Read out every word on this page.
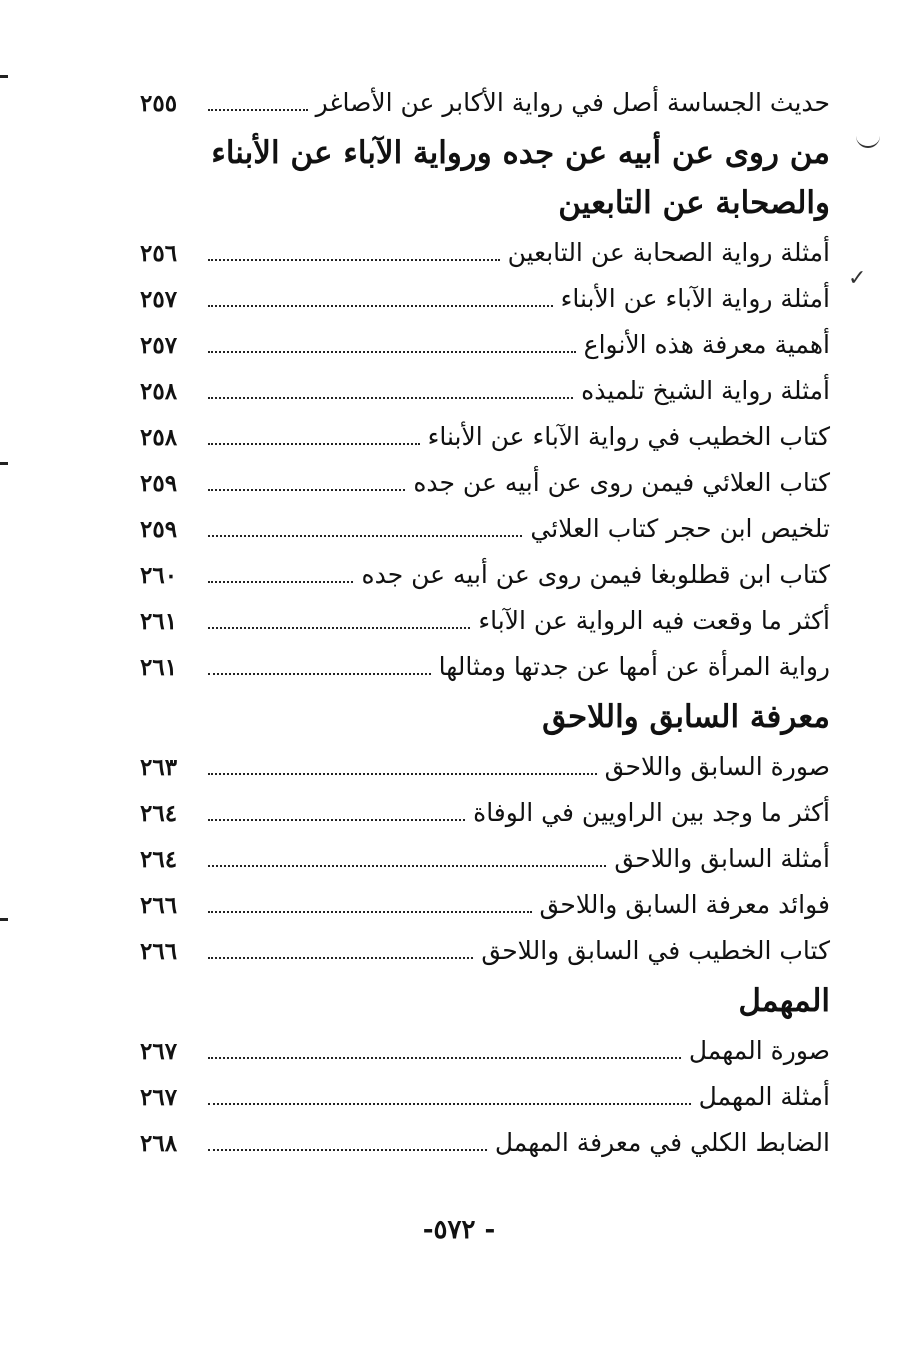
حديث الجساسة أصل في رواية الأكابر عن الأصاغر
٢٥٥
من روى عن أبيه عن جده ورواية الآباء عن الأبناء والصحابة عن التابعين
أمثلة رواية الصحابة عن التابعين
٢٥٦
أمثلة رواية الآباء عن الأبناء
٢٥٧
أهمية معرفة هذه الأنواع
٢٥٧
أمثلة رواية الشيخ تلميذه
٢٥٨
كتاب الخطيب في رواية الآباء عن الأبناء
٢٥٨
كتاب العلائي فيمن روى عن أبيه عن جده
٢٥٩
تلخيص ابن حجر كتاب العلائي
٢٥٩
كتاب ابن قطلوبغا فيمن روى عن أبيه عن جده
٢٦٠
أكثر ما وقعت فيه الرواية عن الآباء
٢٦١
رواية المرأة عن أمها عن جدتها ومثالها
٢٦١
معرفة السابق واللاحق
صورة السابق واللاحق
٢٦٣
أكثر ما وجد بين الراويين في الوفاة
٢٦٤
أمثلة السابق واللاحق
٢٦٤
فوائد معرفة السابق واللاحق
٢٦٦
كتاب الخطيب في السابق واللاحق
٢٦٦
المهمل
صورة المهمل
٢٦٧
أمثلة المهمل
٢٦٧
الضابط الكلي في معرفة المهمل
٢٦٨
✓
- ٥٧٢-
